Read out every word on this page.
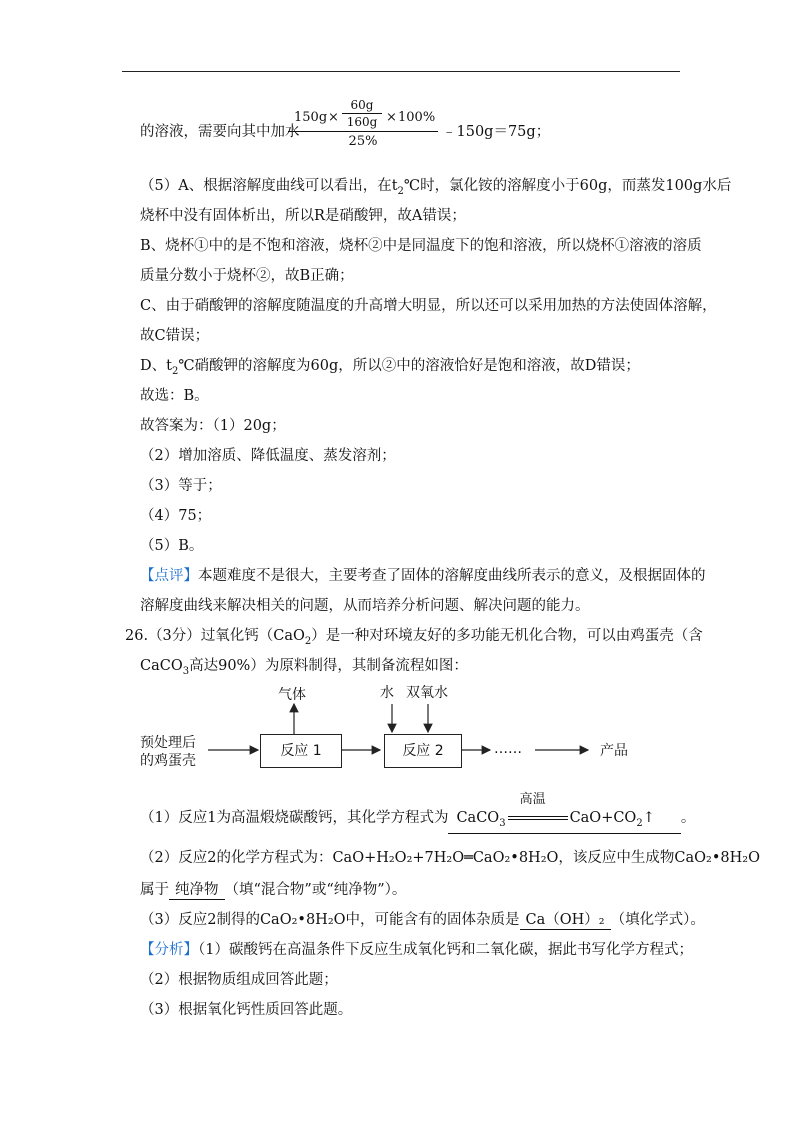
的溶液，需要向其中加水
150g ×
60g
160g × 100%
25%
﹣150g＝75g；
（5）A、根据溶解度曲线可以看出，在$t_2℃$时，氯化铵的溶解度小于60g，而蒸发100g水后
烧杯中没有固体析出，所以R是硝酸钾，故A错误；
B、烧杯①中的是不饱和溶液，烧杯②中是同温度下的饱和溶液，所以烧杯①溶液的溶质
质量分数小于烧杯②，故B正确；
C、由于硝酸钾的溶解度随温度的升高增大明显，所以还可以采用加热的方法使固体溶解，
故C错误；
D、$t_2℃$硝酸钾的溶解度为60g，所以②中的溶液恰好是饱和溶液，故D错误；
故选：B。
故答案为：（1）20g；
（2）增加溶质、降低温度、蒸发溶剂；
（3）等于；
（4）75；
（5）B。
【点评】本题难度不是很大，主要考查了固体的溶解度曲线所表示的意义，及根据固体的
溶解度曲线来解决相关的问题，从而培养分析问题、解决问题的能力。
26.（3分）过氧化钙（CaO$_2$）是一种对环境友好的多功能无机化合物，可以由鸡蛋壳（含
CaCO$_3$高达90%）为原料制得，其制备流程如图：
预处理后
的鸡蛋壳
反应 1	反应 2
气体	水 双氧水
……	产品
（1）反应1为高温煅烧碳酸钙，其化学方程式为 CaCO$_3$
高温
$CaO+CO_2↑$ 。
（2）反应2的化学方程式为：CaO+H₂O₂+7H₂O═CaO₂•8H₂O，该反应中生成物CaO₂•8H₂O
属于 纯净物 （填“混合物”或“纯净物”）。
（3）反应2制得的CaO₂•8H₂O中，可能含有的固体杂质是 Ca（OH）₂ （填化学式）。
【分析】（1）碳酸钙在高温条件下反应生成氧化钙和二氧化碳，据此书写化学方程式；
（2）根据物质组成回答此题；
（3）根据氧化钙性质回答此题。
